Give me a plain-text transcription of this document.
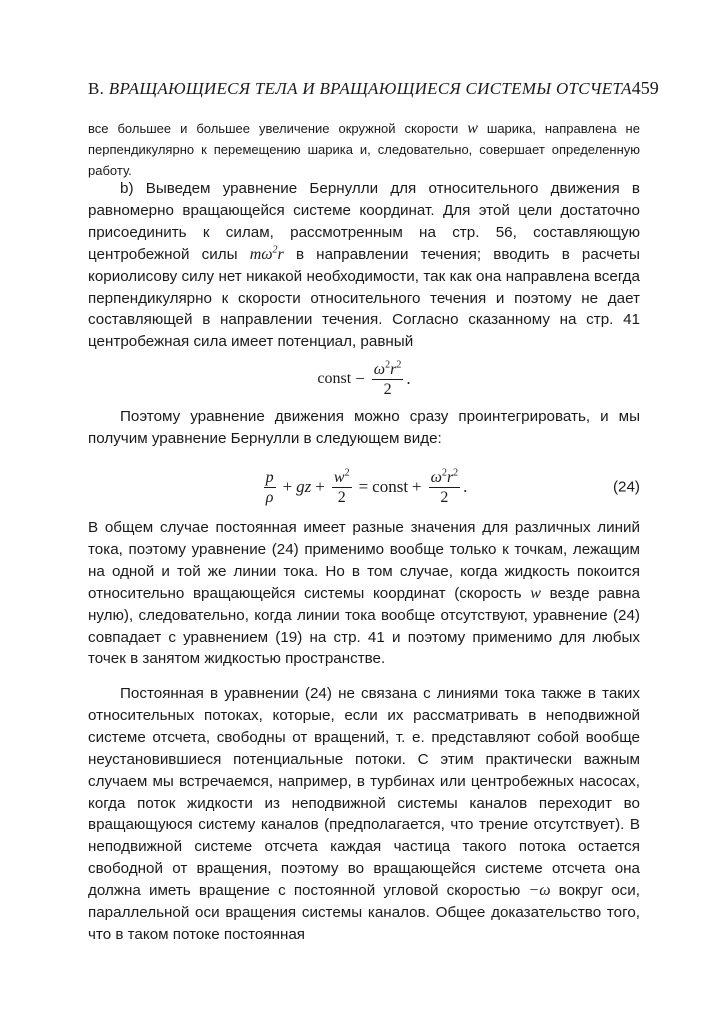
В. ВРАЩАЮЩИЕСЯ ТЕЛА И ВРАЩАЮЩИЕСЯ СИСТЕМЫ ОТСЧЕТА 459
все большее и большее увеличение окружной скорости w шарика, направлена не перпендикулярно к перемещению шарика и, следовательно, совершает определенную работу.
b) Выведем уравнение Бернулли для относительного движения в равномерно вращающейся системе координат. Для этой цели достаточно присоединить к силам, рассмотренным на стр. 56, составляющую центробежной силы $m\omega^2r$ в направлении течения; вводить в расчеты кориолисову силу нет никакой необходимости, так как она направлена всегда перпендикулярно к скорости относительного течения и поэтому не дает составляющей в направлении течения. Согласно сказанному на стр. 41 центробежная сила имеет потенциал, равный
const − $\frac{\omega^2r^2}{2}$ .
Поэтому уравнение движения можно сразу проинтегрировать, и мы получим уравнение Бернулли в следующем виде:
$\frac{p}{\rho}$ + gz + $\frac{w^2}{2}$ = const + $\frac{\omega^2r^2}{2}$ .	(24)
В общем случае постоянная имеет разные значения для различных линий тока, поэтому уравнение (24) применимо вообще только к точкам, лежащим на одной и той же линии тока. Но в том случае, когда жидкость покоится относительно вращающейся системы координат (скорость w везде равна нулю), следовательно, когда линии тока вообще отсутствуют, уравнение (24) совпадает с уравнением (19) на стр. 41 и поэтому применимо для любых точек в занятом жидкостью пространстве.
Постоянная в уравнении (24) не связана с линиями тока также в таких относительных потоках, которые, если их рассматривать в неподвижной системе отсчета, свободны от вращений, т. е. представляют собой вообще неустановившиеся потенциальные потоки. С этим практически важным случаем мы встречаемся, например, в турбинах или центробежных насосах, когда поток жидкости из неподвижной системы каналов переходит во вращающуюся систему каналов (предполагается, что трение отсутствует). В неподвижной системе отсчета каждая частица такого потока остается свободной от вращения, поэтому во вращающейся системе отсчета она должна иметь вращение с постоянной угловой скоростью −ω вокруг оси, параллельной оси вращения системы каналов. Общее доказательство того, что в таком потоке постоянная
